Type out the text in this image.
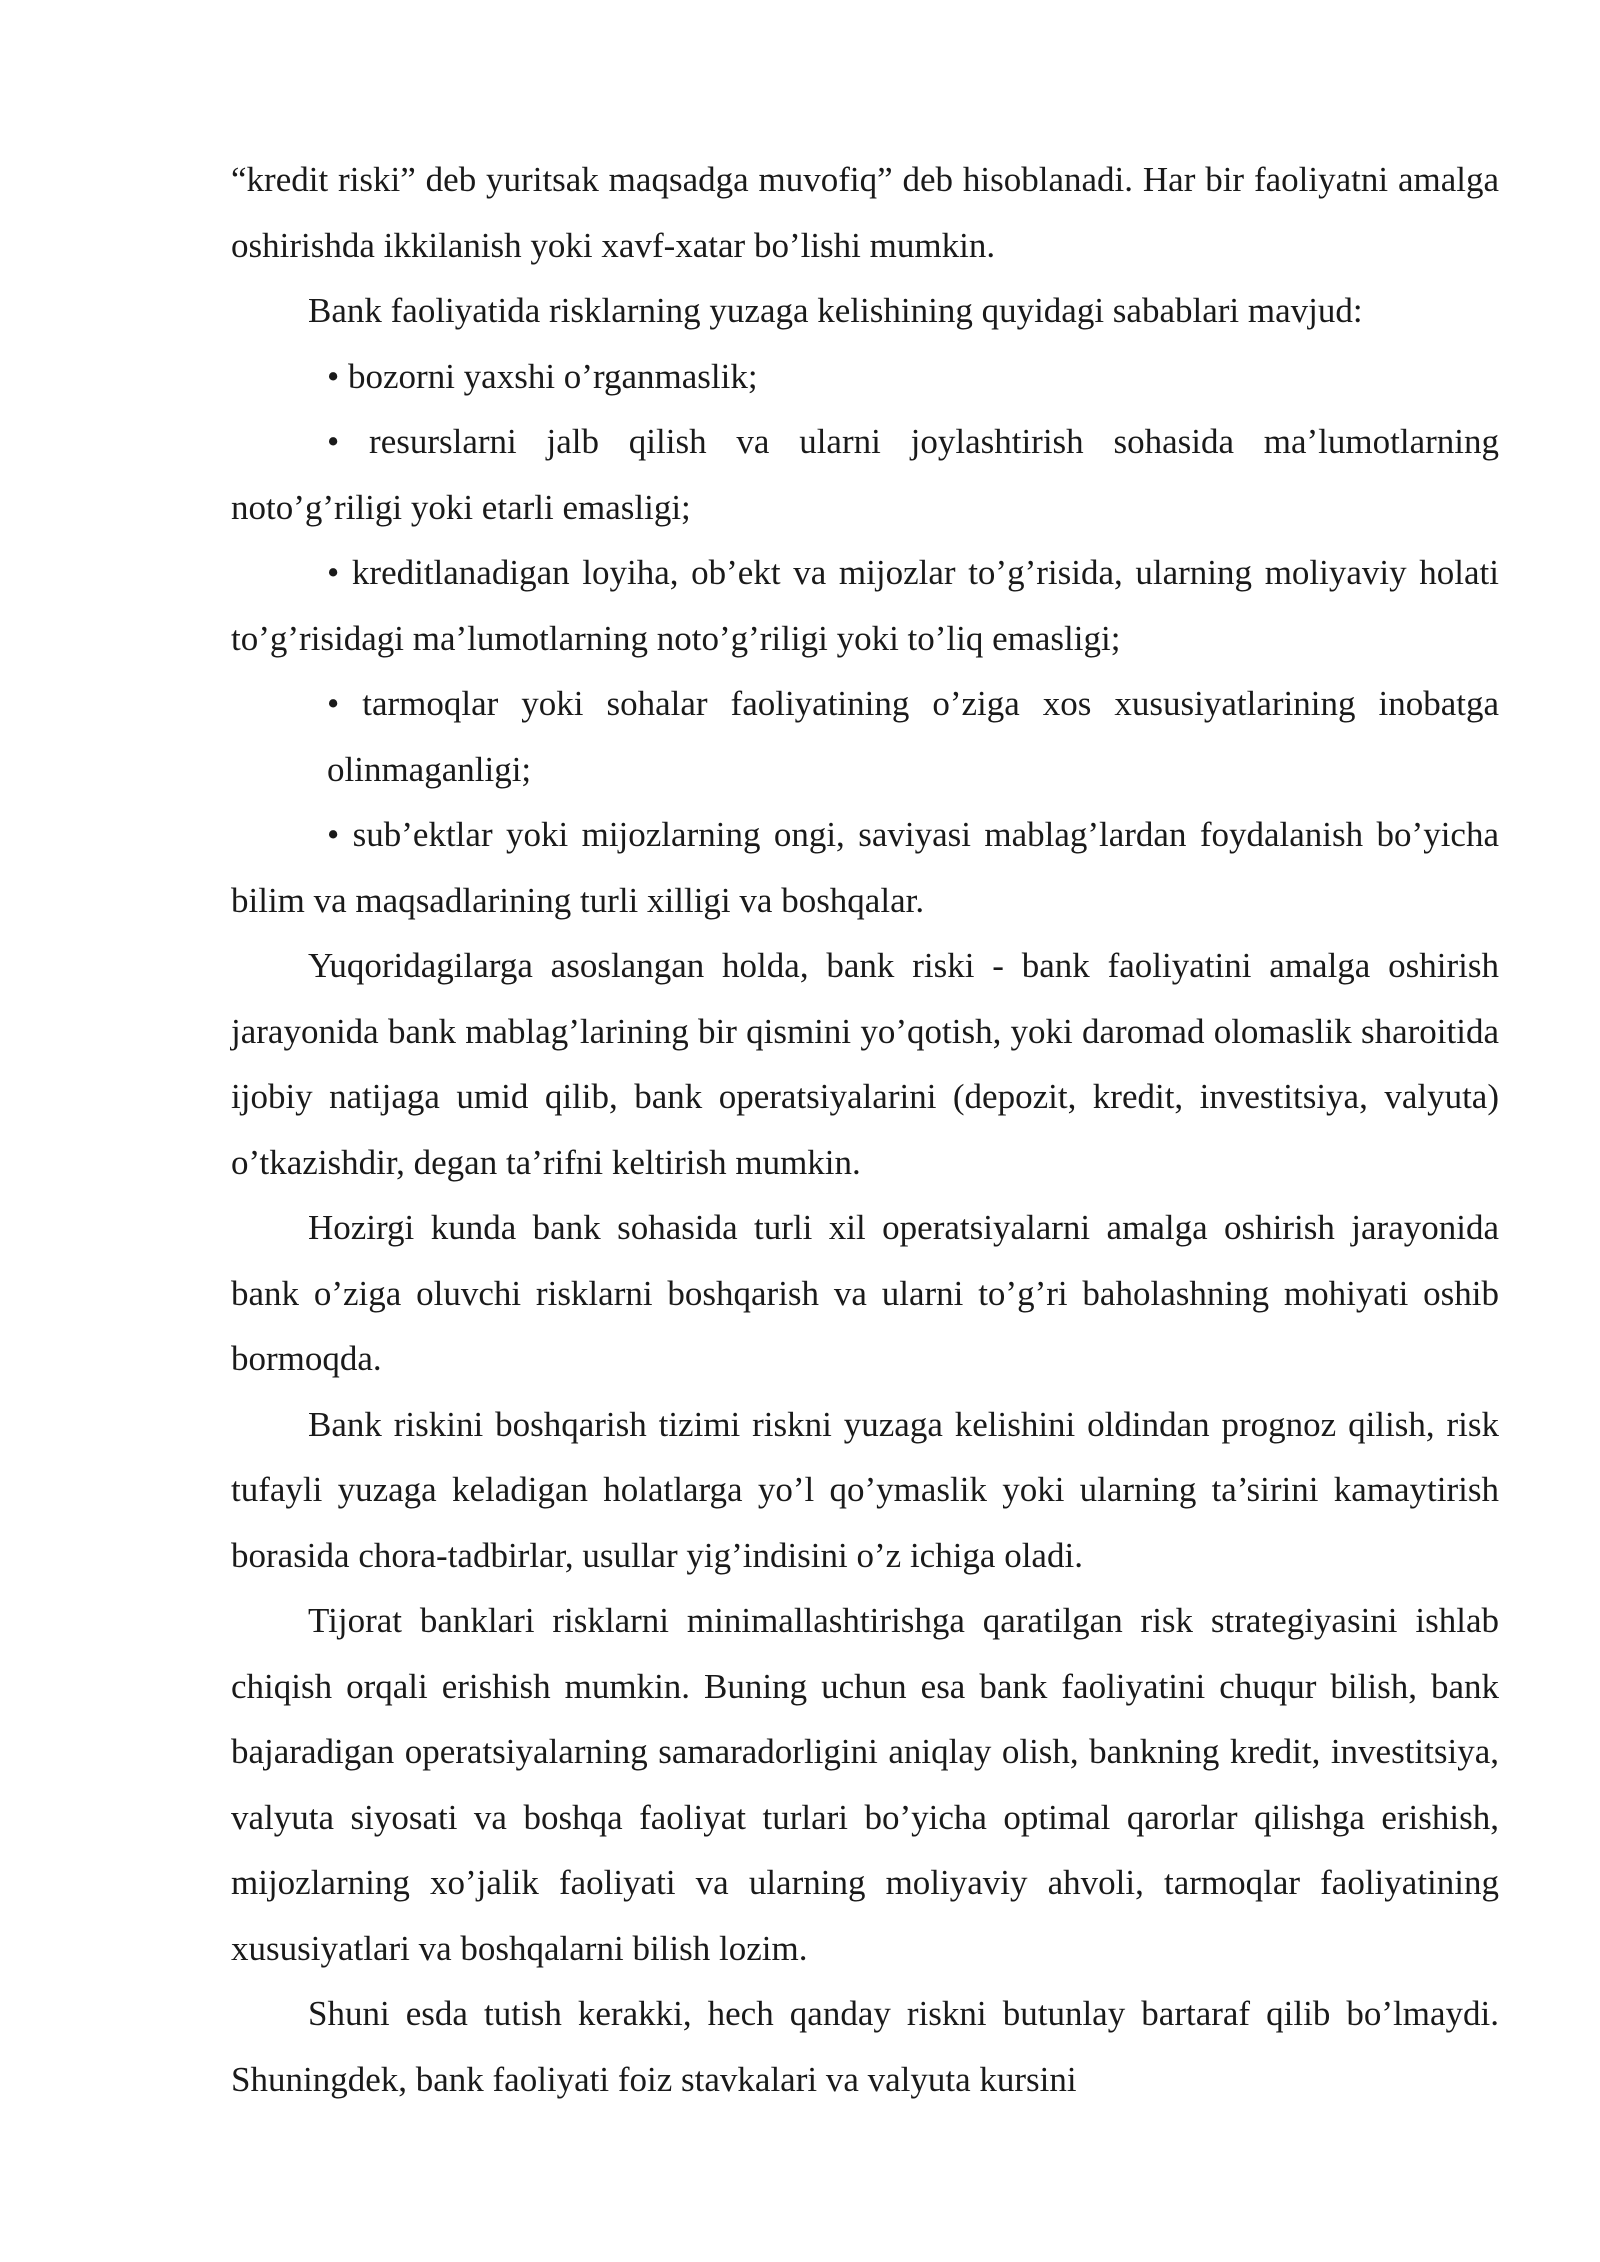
“kredit riski” deb yuritsak maqsadga muvofiq” deb hisoblanadi. Har bir faoliyatni amalga oshirishda ikkilanish yoki xavf-xatar bo’lishi mumkin.

Bank faoliyatida risklarning yuzaga kelishining quyidagi sabablari mavjud:

• bozorni yaxshi o’rganmaslik;

• resurslarni jalb qilish va ularni joylashtirish sohasida ma’lumotlarning noto’g’riligi yoki etarli emasligi;

• kreditlanadigan loyiha, ob’ekt va mijozlar to’g’risida, ularning moliyaviy holati to’g’risidagi ma’lumotlarning noto’g’riligi yoki to’liq emasligi;

• tarmoqlar yoki sohalar faoliyatining o’ziga xos xususiyatlarining inobatga olinmaganligi;

• sub’ektlar yoki mijozlarning ongi, saviyasi mablag’lardan foydalanish bo’yicha bilim va maqsadlarining turli xilligi va boshqalar.

Yuqoridagilarga asoslangan holda, bank riski - bank faoliyatini amalga oshirish jarayonida bank mablag’larining bir qismini yo’qotish, yoki daromad olomaslik sharoitida ijobiy natijaga umid qilib, bank operatsiyalarini (depozit, kredit, investitsiya, valyuta) o’tkazishdir, degan ta’rifni keltirish mumkin.

Hozirgi kunda bank sohasida turli xil operatsiyalarni amalga oshirish jarayonida bank o’ziga oluvchi risklarni boshqarish va ularni to’g’ri baholashning mohiyati oshib bormoqda.

Bank riskini boshqarish tizimi riskni yuzaga kelishini oldindan prognoz qilish, risk tufayli yuzaga keladigan holatlarga yo’l qo’ymaslik yoki ularning ta’sirini kamaytirish borasida chora-tadbirlar, usullar yig’indisini o’z ichiga oladi.

Tijorat banklari risklarni minimallashtirishga qaratilgan risk strategiyasini ishlab chiqish orqali erishish mumkin. Buning uchun esa bank faoliyatini chuqur bilish, bank bajaradigan operatsiyalarning samaradorligini aniqlay olish, bankning kredit, investitsiya, valyuta siyosati va boshqa faoliyat turlari bo’yicha optimal qarorlar qilishga erishish, mijozlarning xo’jalik faoliyati va ularning moliyaviy ahvoli, tarmoqlar faoliyatining xususiyatlari va boshqalarni bilish lozim.

Shuni esda tutish kerakki, hech qanday riskni butunlay bartaraf qilib bo’lmaydi. Shuningdek, bank faoliyati foiz stavkalari va valyuta kursini
